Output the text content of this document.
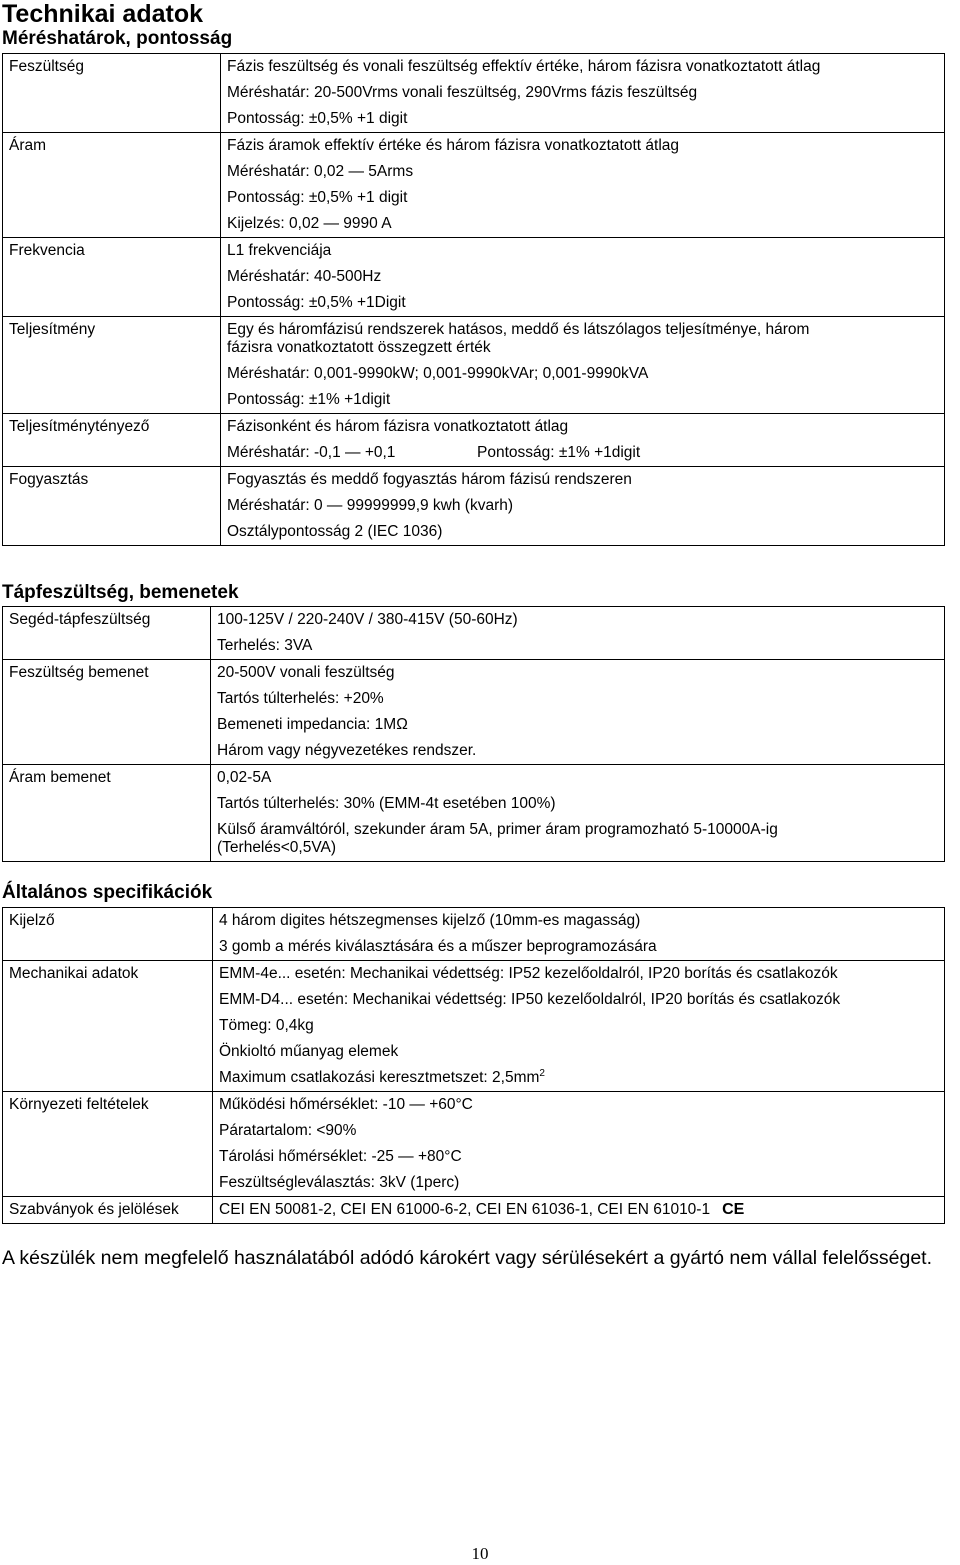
Technikai adatok
Méréshatárok, pontosság
Feszültség	Fázis feszültség és vonali feszültség effektív értéke, három fázisra vonatkoztatott átlag
Méréshatár: 20-500Vrms vonali feszültség, 290Vrms fázis feszültség
Pontosság: ±0,5% +1 digit

Áram	Fázis áramok effektív értéke és három fázisra vonatkoztatott átlag
Méréshatár: 0,02 — 5Arms
Pontosság: ±0,5% +1 digit
Kijelzés: 0,02 — 9990 A

Frekvencia	L1 frekvenciája
Méréshatár: 40-500Hz
Pontosság: ±0,5% +1Digit

Teljesítmény	Egy és háromfázisú rendszerek hatásos, meddő és látszólagos teljesítménye, három
fázisra vonatkoztatott összegzett érték
Méréshatár: 0,001-9990kW; 0,001-9990kVAr; 0,001-9990kVA
Pontosság: ±1% +1digit

Teljesítménytényező	Fázisonként és három fázisra vonatkoztatott átlag
Méréshatár: -0,1 — +0,1 Pontosság: ±1% +1digit

Fogyasztás	Fogyasztás és meddő fogyasztás három fázisú rendszeren
Méréshatár: 0 — 99999999,9 kwh (kvarh)
Osztálypontosság 2 (IEC 1036)
Tápfeszültség, bemenetek
Segéd-tápfeszültség	100-125V / 220-240V / 380-415V (50-60Hz)
Terhelés: 3VA

Feszültség bemenet	20-500V vonali feszültség
Tartós túlterhelés: +20%
Bemeneti impedancia: 1MΩ
Három vagy négyvezetékes rendszer.

Áram bemenet	0,02-5A
Tartós túlterhelés: 30% (EMM-4t esetében 100%)
Külső áramváltóról, szekunder áram 5A, primer áram programozható 5-10000A-ig
(Terhelés<0,5VA)
Általános specifikációk
Kijelző	4 három digites hétszegmenses kijelző (10mm-es magasság)
3 gomb a mérés kiválasztására és a műszer beprogramozására

Mechanikai adatok	EMM-4e... esetén: Mechanikai védettség: IP52 kezelőoldalról, IP20 borítás és csatlakozók
EMM-D4... esetén: Mechanikai védettség: IP50 kezelőoldalról, IP20 borítás és csatlakozók
Tömeg: 0,4kg
Önkioltó műanyag elemek
Maximum csatlakozási keresztmetszet: $2,5mm^2$

Környezeti feltételek	Működési hőmérséklet: -10 — +60°C
Páratartalom: <90%
Tárolási hőmérséklet: -25 — +80°C
Feszültségleválasztás: 3kV (1perc)

Szabványok és jelölések	CEI EN 50081-2, CEI EN 61000-6-2, CEI EN 61036-1, CEI EN 61010-1 CE

A készülék nem megfelelő használatából adódó károkért vagy sérülésekért a gyártó nem vállal felelősséget.

10
